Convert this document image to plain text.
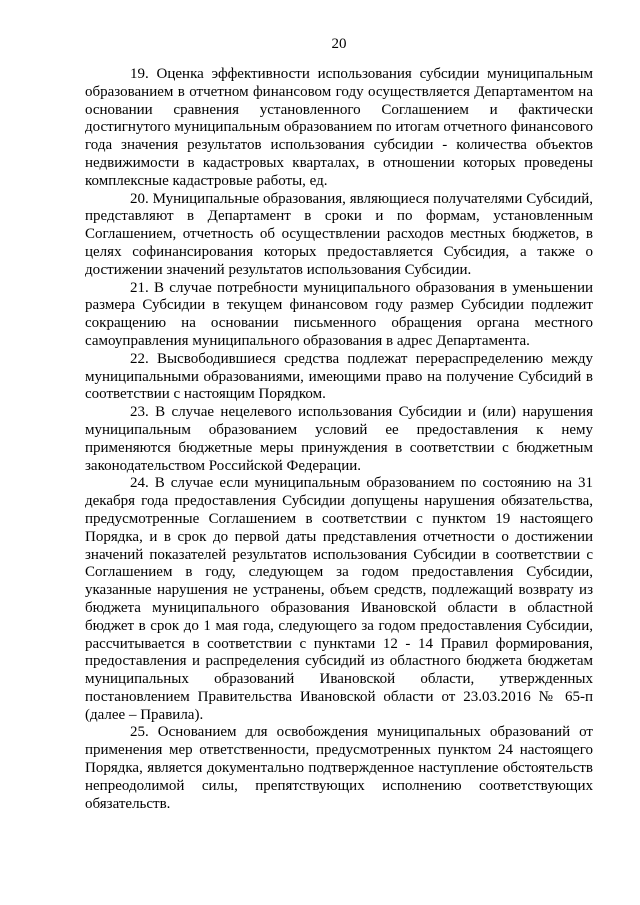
20

19. Оценка эффективности использования субсидии муниципальным образованием в отчетном финансовом году осуществляется Департаментом на основании сравнения установленного Соглашением и фактически достигнутого муниципальным образованием по итогам отчетного финансового года значения результатов использования субсидии - количества объектов недвижимости в кадастровых кварталах, в отношении которых проведены комплексные кадастровые работы, ед.

20. Муниципальные образования, являющиеся получателями Субсидий, представляют в Департамент в сроки и по формам, установленным Соглашением, отчетность об осуществлении расходов местных бюджетов, в целях софинансирования которых предоставляется Субсидия, а также о достижении значений результатов использования Субсидии.

21. В случае потребности муниципального образования в уменьшении размера Субсидии в текущем финансовом году размер Субсидии подлежит сокращению на основании письменного обращения органа местного самоуправления муниципального образования в адрес Департамента.

22. Высвободившиеся средства подлежат перераспределению между муниципальными образованиями, имеющими право на получение Субсидий в соответствии с настоящим Порядком.

23. В случае нецелевого использования Субсидии и (или) нарушения муниципальным образованием условий ее предоставления к нему применяются бюджетные меры принуждения в соответствии с бюджетным законодательством Российской Федерации.

24. В случае если муниципальным образованием по состоянию на 31 декабря года предоставления Субсидии допущены нарушения обязательства, предусмотренные Соглашением в соответствии с пунктом 19 настоящего Порядка, и в срок до первой даты представления отчетности о достижении значений показателей результатов использования Субсидии в соответствии с Соглашением в году, следующем за годом предоставления Субсидии, указанные нарушения не устранены, объем средств, подлежащий возврату из бюджета муниципального образования Ивановской области в областной бюджет в срок до 1 мая года, следующего за годом предоставления Субсидии, рассчитывается в соответствии с пунктами 12 - 14 Правил формирования, предоставления и распределения субсидий из областного бюджета бюджетам муниципальных образований Ивановской области, утвержденных постановлением Правительства Ивановской области от 23.03.2016 № 65-п (далее – Правила).

25. Основанием для освобождения муниципальных образований от применения мер ответственности, предусмотренных пунктом 24 настоящего Порядка, является документально подтвержденное наступление обстоятельств непреодолимой силы, препятствующих исполнению соответствующих обязательств.
